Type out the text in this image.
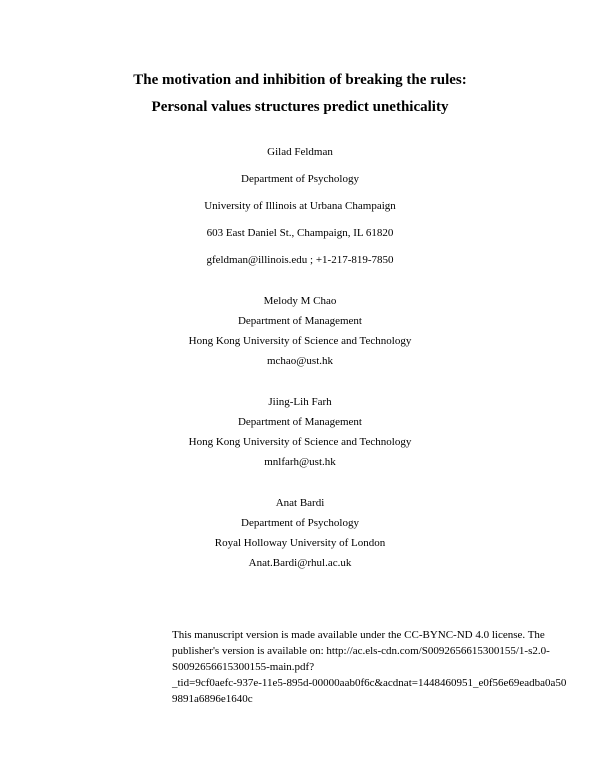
The motivation and inhibition of breaking the rules:
Personal values structures predict unethicality
Gilad Feldman
Department of Psychology
University of Illinois at Urbana Champaign
603 East Daniel St., Champaign, IL 61820
gfeldman@illinois.edu ; +1-217-819-7850
Melody M Chao
Department of Management
Hong Kong University of Science and Technology
mchao@ust.hk
Jiing-Lih Farh
Department of Management
Hong Kong University of Science and Technology
mnlfarh@ust.hk
Anat Bardi
Department of Psychology
Royal Holloway University of London
Anat.Bardi@rhul.ac.uk
This manuscript version is made available under the CC-BYNC-ND 4.0 license. The
publisher's version is available on: http://ac.els-cdn.com/S0092656615300155/1-s2.0-
S0092656615300155-main.pdf?
_tid=9cf0aefc-937e-11e5-895d-00000aab0f6c&acdnat=1448460951_e0f56e69eadba0a50
9891a6896e1640c
